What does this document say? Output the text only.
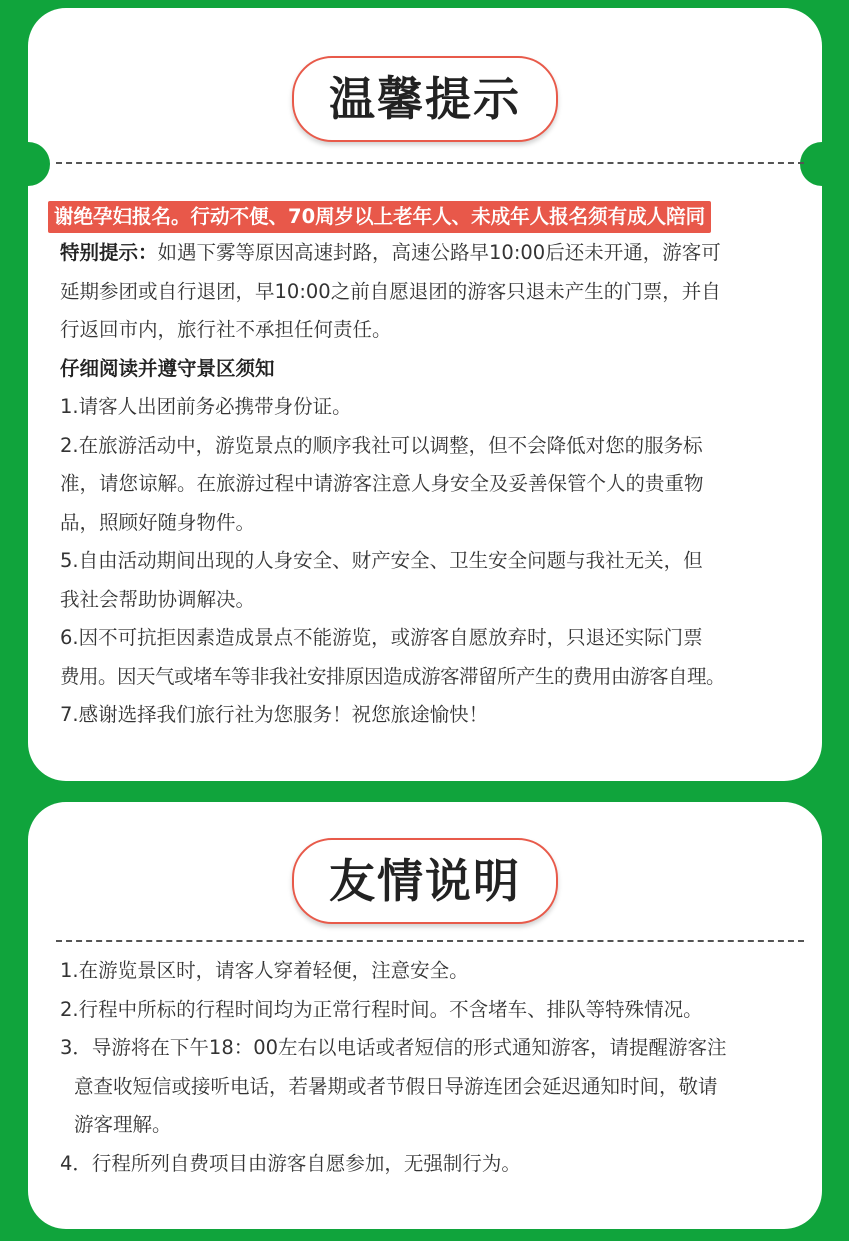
温馨提示
谢绝孕妇报名。行动不便、70周岁以上老年人、未成年人报名须有成人陪同
特别提示：如遇下雾等原因高速封路，高速公路早10:00后还未开通，游客可
延期参团或自行退团，早10:00之前自愿退团的游客只退未产生的门票，并自
行返回市内，旅行社不承担任何责任。
仔细阅读并遵守景区须知
1.请客人出团前务必携带身份证。
2.在旅游活动中，游览景点的顺序我社可以调整，但不会降低对您的服务标
准，请您谅解。在旅游过程中请游客注意人身安全及妥善保管个人的贵重物
品，照顾好随身物件。
5.自由活动期间出现的人身安全、财产安全、卫生安全问题与我社无关，但
我社会帮助协调解决。
6.因不可抗拒因素造成景点不能游览，或游客自愿放弃时，只退还实际门票
费用。因天气或堵车等非我社安排原因造成游客滞留所产生的费用由游客自理。
7.感谢选择我们旅行社为您服务！祝您旅途愉快！
友情说明
1.在游览景区时，请客人穿着轻便，注意安全。
2.行程中所标的行程时间均为正常行程时间。不含堵车、排队等特殊情况。
3．导游将在下午18：00左右以电话或者短信的形式通知游客，请提醒游客注
意查收短信或接听电话，若暑期或者节假日导游连团会延迟通知时间，敬请
游客理解。
4．行程所列自费项目由游客自愿参加，无强制行为。
